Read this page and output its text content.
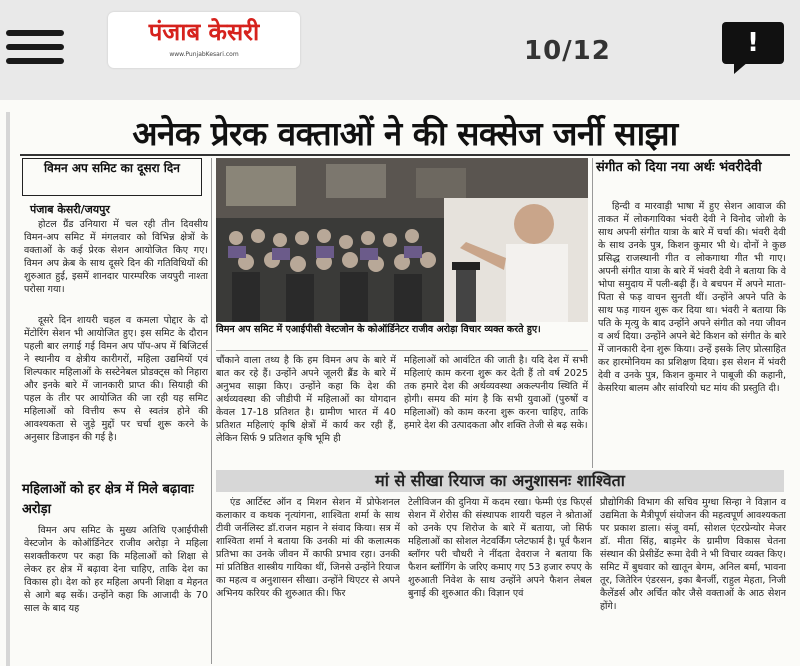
पंजाब केसरी
www.PunjabKesari.com	10/12	!
अनेक प्रेरक वक्ताओं ने की सक्सेज जर्नी साझा
विमन अप समिट का दूसरा दिन
पंजाब केसरी/जयपुर
होटल ग्रैंड उनियारा में चल रही तीन दिवसीय विमन-अप समिट में मंगलवार को विभिन्न क्षेत्रों के वक्ताओं के कई प्रेरक सेशन आयोजित किए गए। विमन अप क्रेब के साथ दूसरे दिन की गतिविधियों की शुरुआत हुई, इसमें शानदार पारम्परिक जयपुरी नाश्ता परोसा गया।
दूसरे दिन शायरी चहल व कमला पोद्दार के दो मेंटोरिंग सेशन भी आयोजित हुए। इस समिट के दौरान पहली बार लगाई गई विमन अप पॉप-अप में बिजिटर्स ने स्थानीय व क्षेत्रीय कारीगरों, महिला उद्यमियों एवं शिल्पकार महिलाओं के सस्टेनेबल प्रोडक्ट्स को निहारा और इनके बारे में जानकारी प्राप्त की। सियाही की पहल के तीर पर आयोजित की जा रही यह समिट महिलाओं को वित्तीय रूप से स्वतंत्र होने की आवश्यकता से जुड़े मुद्दों पर चर्चा शुरू करने के अनुसार डिजाइन की गई है।
महिलाओं को हर क्षेत्र में मिले बढ़ावाः अरोड़ा
विमन अप समिट के मुख्य अतिथि एआईपीसी वेस्टजोन के कोऑर्डिनेटर राजीव अरोड़ा ने महिला सशक्तीकरण पर कहा कि महिलाओं को शिक्षा से लेकर हर क्षेत्र में बढ़ावा देना चाहिए, ताकि देश का विकास हो। देश को हर महिला अपनी शिक्षा व मेहनत से आगे बढ़ सकें। उन्होंने कहा कि आजादी के 70 साल के बाद यह
विमन अप समिट में एआईपीसी वेस्टजोन के कोऑर्डिनेटर राजीव अरोड़ा विचार व्यक्त करते हुए।
चौंकाने वाला तथ्य है कि हम विमन अप के बारे में बात कर रहे हैं। उन्होंने अपने जूलरी ब्रैंड के बारे में अनुभव साझा किए। उन्होंने कहा कि देश की अर्थव्यवस्था की जीडीपी में महिलाओं का योगदान केवल 17-18 प्रतिशत है। ग्रामीण भारत में 40 प्रतिशत महिलाएं कृषि क्षेत्रों में कार्य कर रही हैं, लेकिन सिर्फ 9 प्रतिशत कृषि भूमि ही
महिलाओं को आवंटित की जाती है। यदि देश में सभी महिलाएं काम करना शुरू कर देती हैं तो वर्ष 2025 तक हमारे देश की अर्थव्यवस्था अकल्पनीय स्थिति में होगी। समय की मांग है कि सभी युवाओं (पुरुषों व महिलाओं) को काम करना शुरू करना चाहिए, ताकि हमारे देश की उत्पादकता और शक्ति तेजी से बढ़ सके।
संगीत को दिया नया अर्थः भंवरीदेवी
हिन्दी व मारवाड़ी भाषा में हुए सेशन आवाज की ताकत में लोकगायिका भंवरी देवी ने विनोद जोशी के साथ अपनी संगीत यात्रा के बारे में चर्चा की। भंवरी देवी के साथ उनके पुत्र, किशन कुमार भी थे। दोनों ने कुछ प्रसिद्ध राजस्थानी गीत व लोकगाथा गीत भी गाए। अपनी संगीत यात्रा के बारे में भंवरी देवी ने बताया कि वे भोपा समुदाय में पली-बढ़ी हैं। वे बचपन में अपने माता-पिता से फड़ वाचन सुनती थीं। उन्होंने अपने पति के साथ फड़ गायन शुरू कर दिया था। भंवरी ने बताया कि पति के मृत्यु के बाद उन्होंने अपने संगीत को नया जीवन व अर्थ दिया। उन्होंने अपने बेटे किशन को संगीत के बारे में जानकारी देना शुरू किया। उन्हें इसके लिए प्रोत्साहित कर हारमोनियम का प्रशिक्षण दिया। इस सेशन में भंवरी देवी व उनके पुत्र, किशन कुमार ने पाबूजी की कहानी, केसरिया बालम और सांवरियो घट मांय की प्रस्तुति दी।
मां से सीखा रियाज का अनुशासनः शाश्विता
एंड आर्टिस्ट ऑन द मिशन सेशन में प्रोफेशनल कलाकार व कथक नृत्यांगना, शाश्विता शर्मा के साथ टीवी जर्नलिस्ट डॉ.राजन महान ने संवाद किया। सत्र में शाश्विता शर्मा ने बताया कि उनकी मां की कलात्मक प्रतिभा का उनके जीवन में काफी प्रभाव रहा। उनकी मां प्रतिष्ठित शास्त्रीय गायिका थीं, जिनसे उन्होंने रियाज का महत्व व अनुशासन सीखा। उन्होंने थिएटर से अपने अभिनय करियर की शुरुआत की। फिर
टेलीविजन की दुनिया में कदम रखा। फेम्मी एंड फिएर्स सेशन में शेरोस की संस्थापक शायरी चहल ने श्रोताओं को उनके एप शिरोज के बारे में बताया, जो सिर्फ महिलाओं का सोशल नेटवर्किंग प्लेटफार्म है। पूर्व फैशन ब्लॉगर परी चौधरी ने नींदता देवराज ने बताया कि फैशन ब्लॉगिंग के जरिए कमाए गए 53 हजार रुपए के शुरुआती निवेश के साथ उन्होंने अपने फैशन लेबल बुनाई की शुरुआत की। विज्ञान एवं
प्रौद्योगिकी विभाग की सचिव मुग्धा सिन्हा ने विज्ञान व उद्यमिता के मैत्रीपूर्ण संयोजन की महत्वपूर्ण आवश्यकता पर प्रकाश डाला। संजू वर्मा, सोशल एंटरप्रेन्योर मेजर डॉ. मीता सिंह, बाड़मेर के ग्रामीण विकास चेतना संस्थान की प्रेसीडेंट रूमा देवी ने भी विचार व्यक्त किए। समिट में बुधवार को खातून बेगम, अनिल बर्मा, भावना तूर, जितेरिन एंडरसन, इका बैनर्जी, राहुल मेहता, निजी कैलेंडर्स और अर्चित कौर जैसे वक्ताओं के आठ सेशन होंगे।
